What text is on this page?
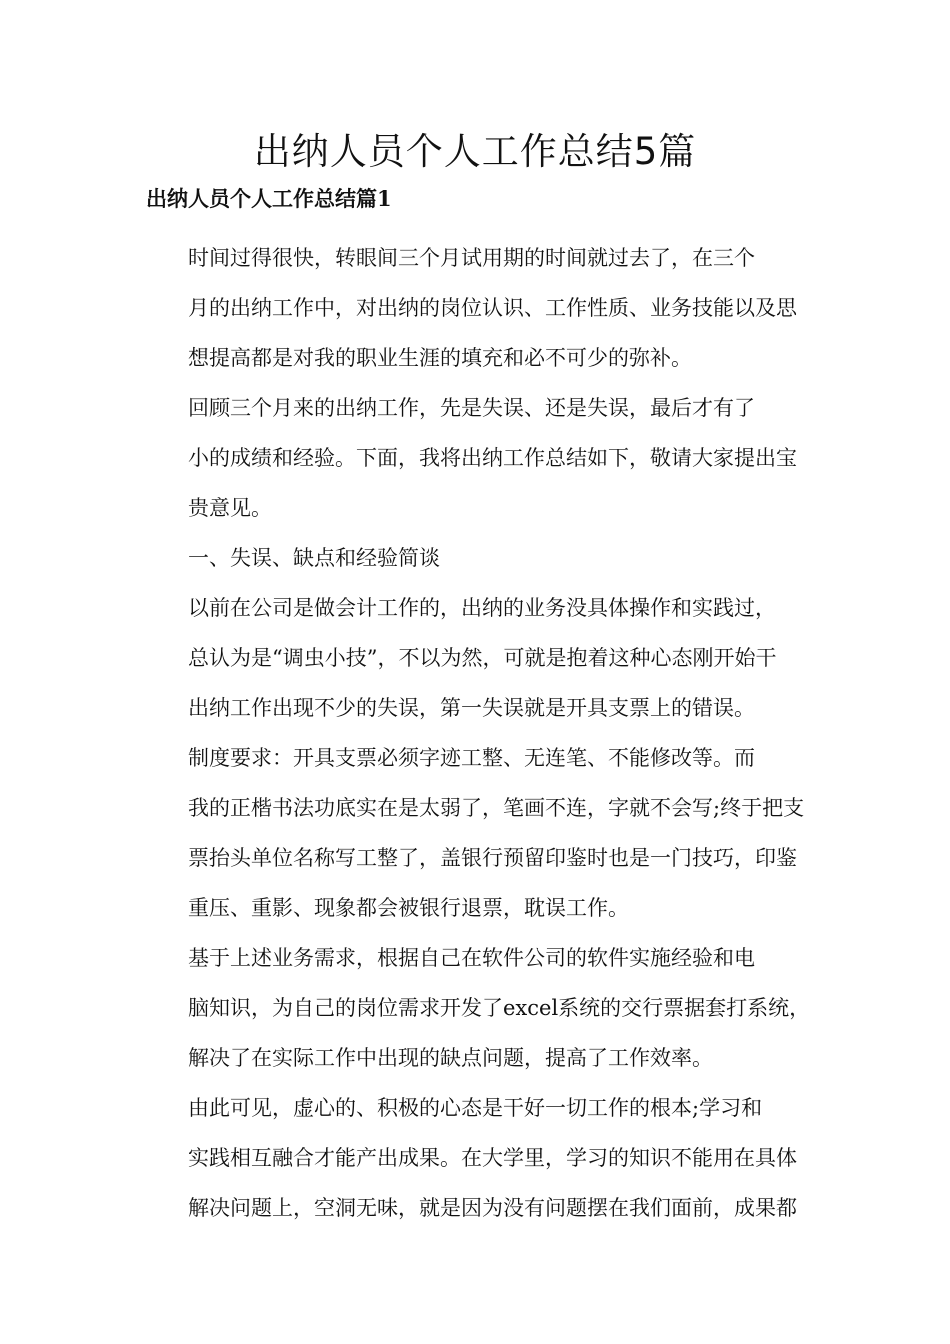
出纳人员个人工作总结5篇
出纳人员个人工作总结篇1

时间过得很快，转眼间三个月试用期的时间就过去了，在三个
月的出纳工作中，对出纳的岗位认识、工作性质、业务技能以及思
想提高都是对我的职业生涯的填充和必不可少的弥补。

回顾三个月来的出纳工作，先是失误、还是失误，最后才有了
小的成绩和经验。下面，我将出纳工作总结如下，敬请大家提出宝
贵意见。

一、失误、缺点和经验简谈

以前在公司是做会计工作的，出纳的业务没具体操作和实践过，
总认为是“调虫小技”，不以为然，可就是抱着这种心态刚开始干
出纳工作出现不少的失误，第一失误就是开具支票上的错误。

制度要求：开具支票必须字迹工整、无连笔、不能修改等。而
我的正楷书法功底实在是太弱了，笔画不连，字就不会写;终于把支
票抬头单位名称写工整了，盖银行预留印鉴时也是一门技巧，印鉴
重压、重影、现象都会被银行退票，耽误工作。

基于上述业务需求，根据自己在软件公司的软件实施经验和电
脑知识，为自己的岗位需求开发了excel系统的交行票据套打系统，
解决了在实际工作中出现的缺点问题，提高了工作效率。

由此可见，虚心的、积极的心态是干好一切工作的根本;学习和
实践相互融合才能产出成果。在大学里，学习的知识不能用在具体
解决问题上，空洞无味，就是因为没有问题摆在我们面前，成果都
